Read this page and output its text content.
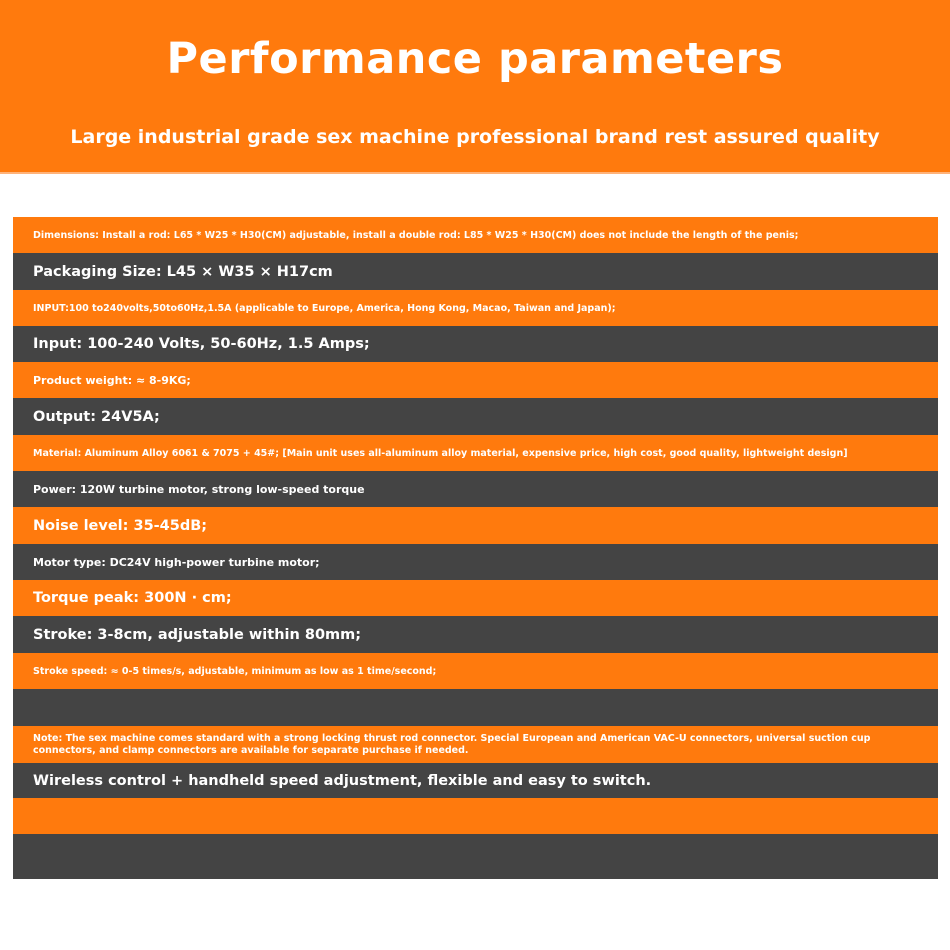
Performance parameters
Large industrial grade sex machine professional brand rest assured quality
Dimensions: Install a rod: L65 * W25 * H30(CM) adjustable, install a double rod: L85 * W25 * H30(CM) does not include the length of the penis;
Packaging Size: L45 × W35 × H17cm
INPUT:100 to240volts,50to60Hz,1.5A (applicable to Europe, America, Hong Kong, Macao, Taiwan and Japan);
Input: 100-240 Volts, 50-60Hz, 1.5 Amps;
Product weight: ≈ 8-9KG;
Output: 24V5A;
Material: Aluminum Alloy 6061 & 7075 + 45#; [Main unit uses all-aluminum alloy material, expensive price, high cost, good quality, lightweight design]
Power: 120W turbine motor, strong low-speed torque
Noise level: 35-45dB;
Motor type: DC24V high-power turbine motor;
Torque peak: 300N · cm;
Stroke: 3-8cm, adjustable within 80mm;
Stroke speed: ≈ 0-5 times/s, adjustable, minimum as low as 1 time/second;
Note: The sex machine comes standard with a strong locking thrust rod connector. Special European and American VAC-U connectors, universal suction cup connectors, and clamp connectors are available for separate purchase if needed.
Wireless control + handheld speed adjustment, flexible and easy to switch.
